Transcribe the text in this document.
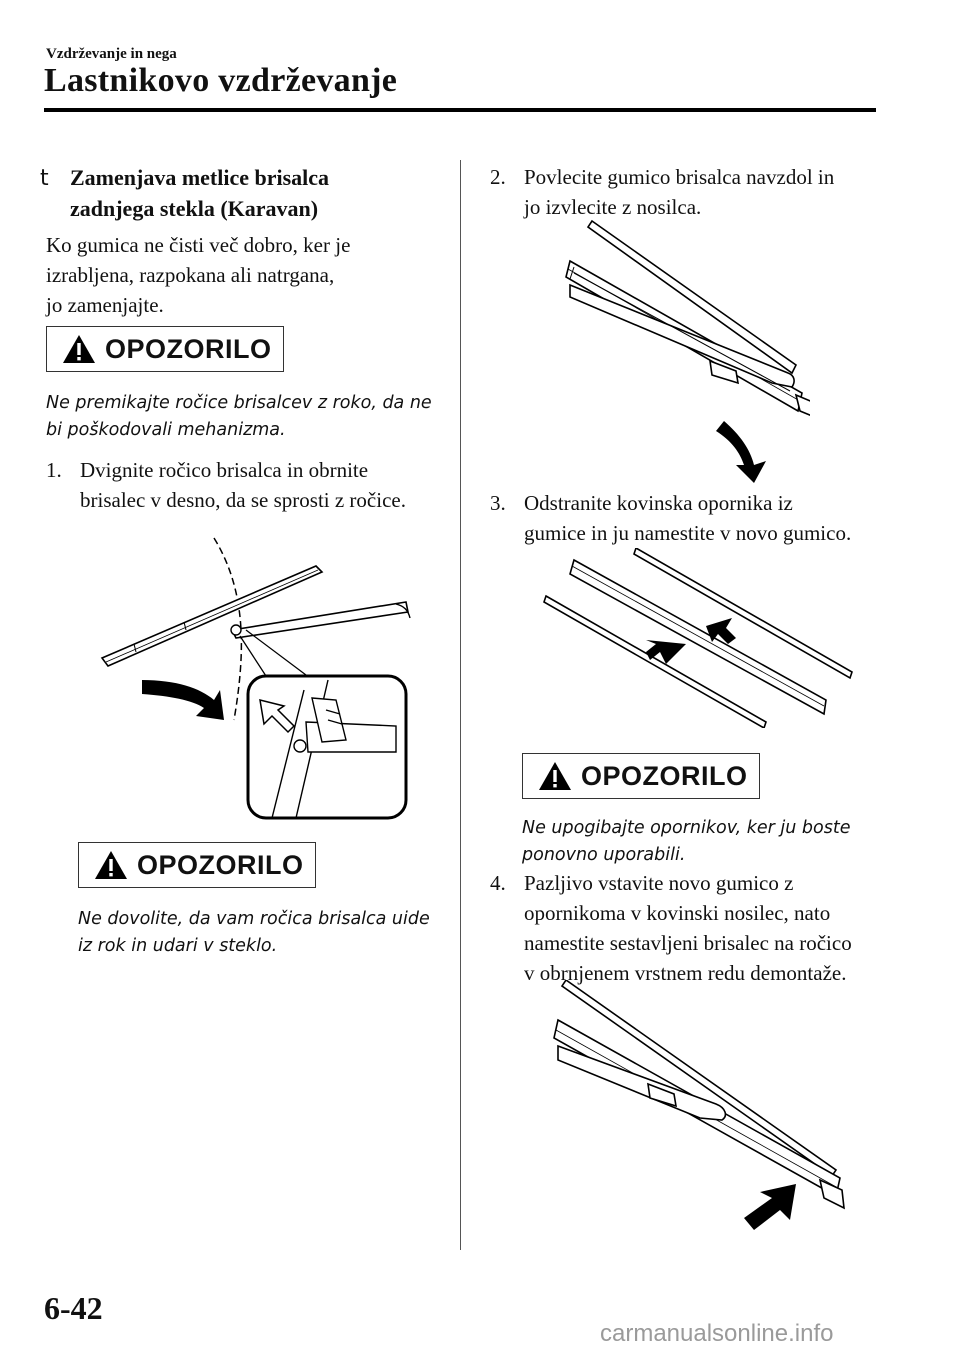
Vzdrževanje in nega
Lastnikovo vzdrževanje
t Zamenjava metlice brisalca
zadnjega stekla (Karavan)
Ko gumica ne čisti več dobro, ker je
izrabljena, razpokana ali natrgana,
jo zamenjajte.
OPOZORILO
Ne premikajte ročice brisalcev z roko, da ne
bi poškodovali mehanizma.
1. Dvignite ročico brisalca in obrnite
brisalec v desno, da se sprosti z ročice.
OPOZORILO
Ne dovolite, da vam ročica brisalca uide
iz rok in udari v steklo.
2. Povlecite gumico brisalca navzdol in
jo izvlecite z nosilca.
3. Odstranite kovinska opornika iz
gumice in ju namestite v novo gumico.
OPOZORILO
Ne upogibajte opornikov, ker ju boste
ponovno uporabili.
4. Pazljivo vstavite novo gumico z
opornikoma v kovinski nosilec, nato
namestite sestavljeni brisalec na ročico
v obrnjenem vrstnem redu demontaže.
6-42
carmanualsonline.info
